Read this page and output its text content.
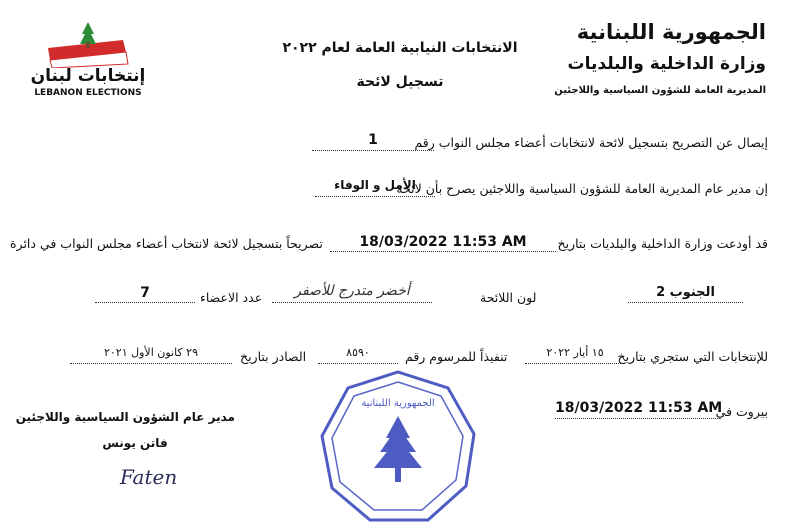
الجمهورية اللبنانية
وزارة الداخلية والبلديات
المديرية العامة للشؤون السياسية واللاجئين
الانتخابات النيابية العامة لعام ٢٠٢٢
تسجيل لائحة
إنتخابات لبنان
LEBANON ELECTIONS
إيصال عن التصريح بتسجيل لائحة لانتخابات أعضاء مجلس النواب رقم
1
إن مدير عام المديرية العامة للشؤون السياسية واللاجئين يصرح بأن لائحة
الأمل و الوفاء
قد أودعت وزارة الداخلية والبلديات بتاريخ
18/03/2022 11:53 AM
تصريحاً بتسجيل لائحة لانتخاب أعضاء مجلس النواب في دائرة
الجنوب 2
لون اللائحة
أخضر متدرج للأصفر
عدد الاعضاء
7
للإنتخابات التي ستجري بتاريخ
١٥ أيار ٢٠٢٢
تنفيذاً للمرسوم رقم
٨٥٩٠
الصادر بتاريخ
٢٩ كانون الأول ٢٠٢١
بيروت في
18/03/2022 11:53 AM
مدير عام الشؤون السياسية واللاجئين
فاتن يونس
Faten
الجمهورية اللبنانية
